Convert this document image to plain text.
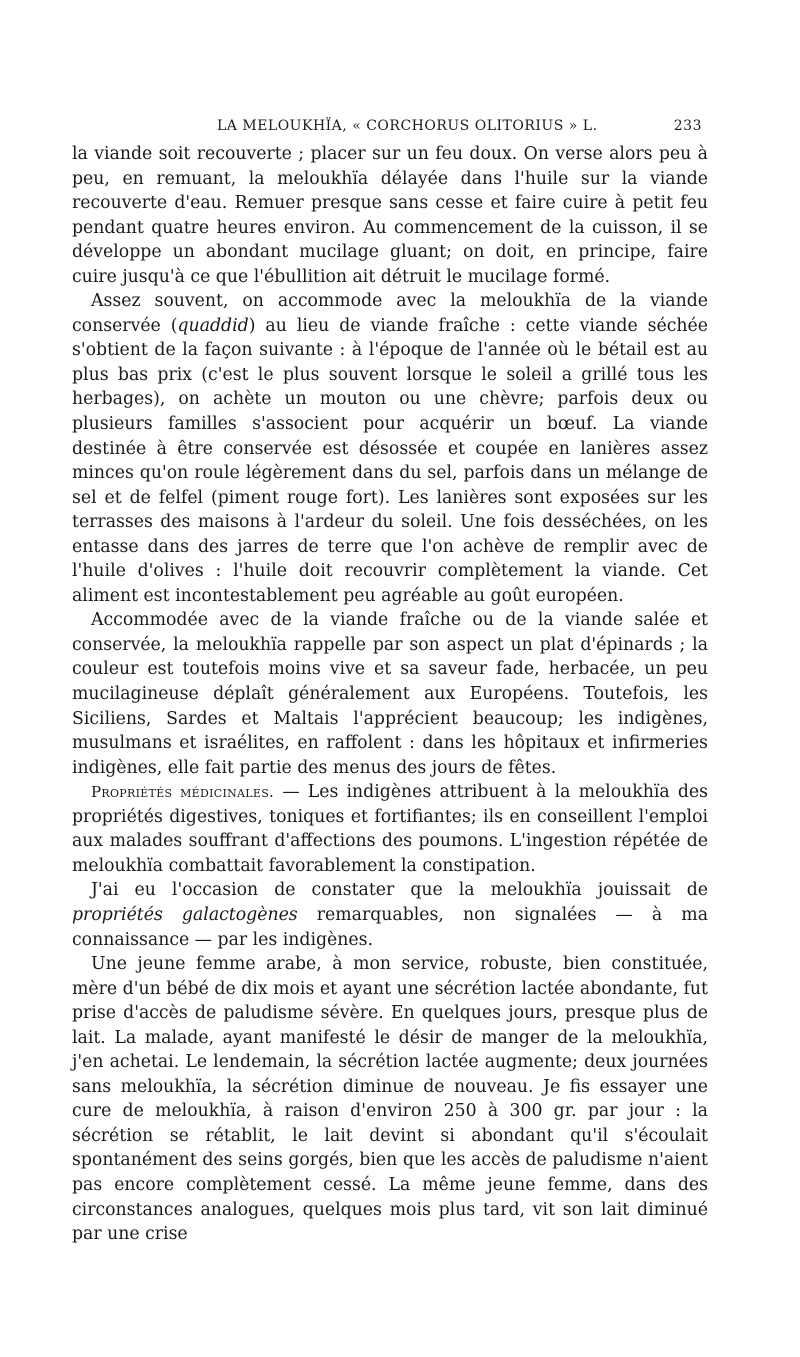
LA MELOUKHÏA, « CORCHORUS OLITORIUS » L.	233

la viande soit recouverte ; placer sur un feu doux. On verse alors peu à peu, en remuant, la meloukhïa délayée dans l'huile sur la viande recouverte d'eau. Remuer presque sans cesse et faire cuire à petit feu pendant quatre heures environ. Au commencement de la cuisson, il se développe un abondant mucilage gluant; on doit, en principe, faire cuire jusqu'à ce que l'ébullition ait détruit le mucilage formé.

Assez souvent, on accommode avec la meloukhïa de la viande conservée (quaddid) au lieu de viande fraîche : cette viande séchée s'obtient de la façon suivante : à l'époque de l'année où le bétail est au plus bas prix (c'est le plus souvent lorsque le soleil a grillé tous les herbages), on achète un mouton ou une chèvre; parfois deux ou plusieurs familles s'associent pour acquérir un bœuf. La viande destinée à être conservée est désossée et coupée en lanières assez minces qu'on roule légèrement dans du sel, parfois dans un mélange de sel et de felfel (piment rouge fort). Les lanières sont exposées sur les terrasses des maisons à l'ardeur du soleil. Une fois desséchées, on les entasse dans des jarres de terre que l'on achève de remplir avec de l'huile d'olives : l'huile doit recouvrir complètement la viande. Cet aliment est incontestablement peu agréable au goût européen.

Accommodée avec de la viande fraîche ou de la viande salée et conservée, la meloukhïa rappelle par son aspect un plat d'épinards ; la couleur est toutefois moins vive et sa saveur fade, herbacée, un peu mucilagineuse déplaît généralement aux Européens. Toutefois, les Siciliens, Sardes et Maltais l'apprécient beaucoup; les indigènes, musulmans et israélites, en raffolent : dans les hôpitaux et infirmeries indigènes, elle fait partie des menus des jours de fêtes.

Propriétés médicinales. — Les indigènes attribuent à la meloukhïa des propriétés digestives, toniques et fortifiantes; ils en conseillent l'emploi aux malades souffrant d'affections des poumons. L'ingestion répétée de meloukhïa combattait favorablement la constipation.

J'ai eu l'occasion de constater que la meloukhïa jouissait de propriétés galactogènes remarquables, non signalées — à ma connaissance — par les indigènes.

Une jeune femme arabe, à mon service, robuste, bien constituée, mère d'un bébé de dix mois et ayant une sécrétion lactée abondante, fut prise d'accès de paludisme sévère. En quelques jours, presque plus de lait. La malade, ayant manifesté le désir de manger de la meloukhïa, j'en achetai. Le lendemain, la sécrétion lactée augmente; deux journées sans meloukhïa, la sécrétion diminue de nouveau. Je fis essayer une cure de meloukhïa, à raison d'environ 250 à 300 gr. par jour : la sécrétion se rétablit, le lait devint si abondant qu'il s'écoulait spontanément des seins gorgés, bien que les accès de paludisme n'aient pas encore complètement cessé. La même jeune femme, dans des circonstances analogues, quelques mois plus tard, vit son lait diminué par une crise
